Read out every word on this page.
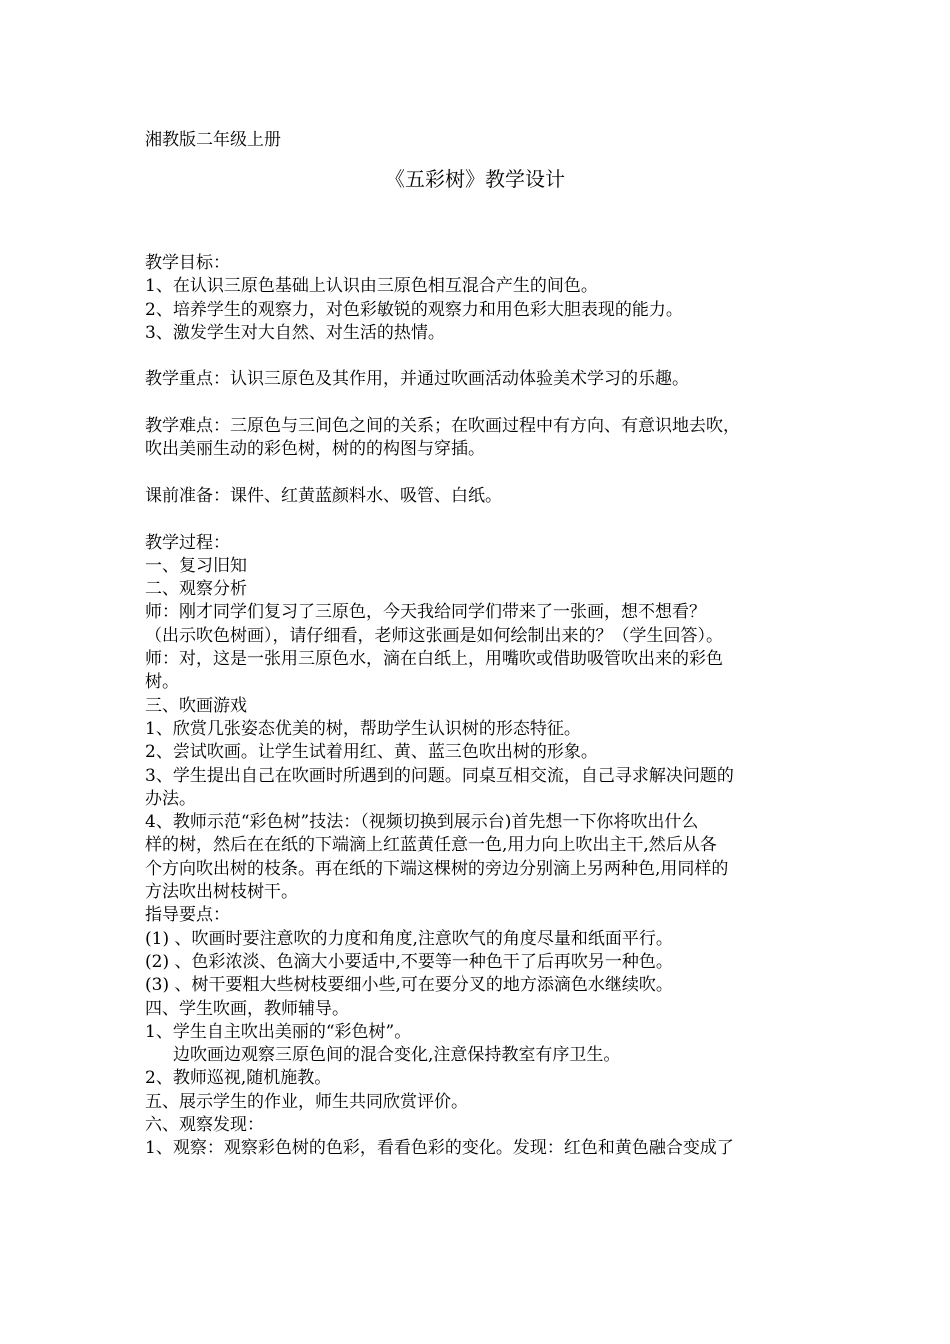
湘教版二年级上册
《五彩树》教学设计
教学目标：
1、在认识三原色基础上认识由三原色相互混合产生的间色。
2、培养学生的观察力，对色彩敏锐的观察力和用色彩大胆表现的能力。
3、激发学生对大自然、对生活的热情。
教学重点：认识三原色及其作用，并通过吹画活动体验美术学习的乐趣。
教学难点：三原色与三间色之间的关系；在吹画过程中有方向、有意识地去吹，
吹出美丽生动的彩色树，树的的构图与穿插。
课前准备：课件、红黄蓝颜料水、吸管、白纸。
教学过程：
一、复习旧知
二、观察分析
师：刚才同学们复习了三原色，今天我给同学们带来了一张画，想不想看？
（出示吹色树画），请仔细看，老师这张画是如何绘制出来的？（学生回答）。
师：对，这是一张用三原色水，滴在白纸上，用嘴吹或借助吸管吹出来的彩色
树。
三、吹画游戏
1、欣赏几张姿态优美的树，帮助学生认识树的形态特征。
2、尝试吹画。让学生试着用红、黄、蓝三色吹出树的形象。
3、学生提出自己在吹画时所遇到的问题。同桌互相交流，自己寻求解决问题的
办法。
4、教师示范“彩色树”技法：（视频切换到展示台)首先想一下你将吹出什么
样的树，然后在在纸的下端滴上红蓝黄任意一色,用力向上吹出主干,然后从各
个方向吹出树的枝条。再在纸的下端这棵树的旁边分别滴上另两种色,用同样的
方法吹出树枝树干。
指导要点：
(1) 、吹画时要注意吹的力度和角度,注意吹气的角度尽量和纸面平行。
(2) 、色彩浓淡、色滴大小要适中,不要等一种色干了后再吹另一种色。
(3) 、树干要粗大些树枝要细小些,可在要分叉的地方添滴色水继续吹。
四、学生吹画，教师辅导。
1、学生自主吹出美丽的“彩色树”。
边吹画边观察三原色间的混合变化,注意保持教室有序卫生。
2、教师巡视,随机施教。
五、展示学生的作业，师生共同欣赏评价。
六、观察发现：
1、观察：观察彩色树的色彩，看看色彩的变化。发现：红色和黄色融合变成了
